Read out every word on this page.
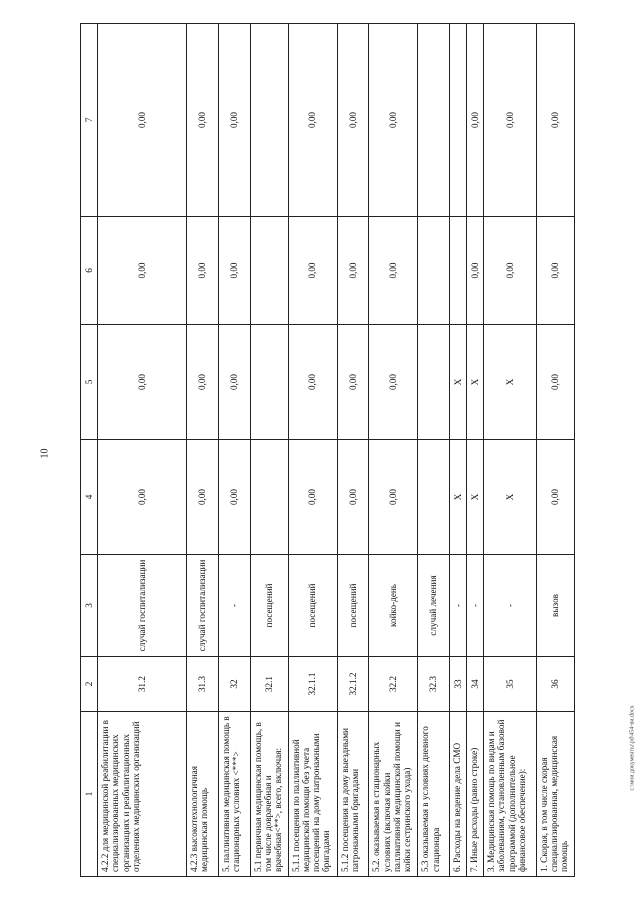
10
c:\мои документы\pd\454-ви.docx
1	2	3	4	5	6	7
4.2.2 для медицинской реабилитации в специализированных медицинских организациях и реабилитационных отделениях медицинских организаций	31.2	случай госпитализации	0,00	0,00	0,00	0,00
4.2.3 высокотехнологичная медицинская помощь	31.3	случай госпитализации	0,00	0,00	0,00	0,00
5. паллиативная медицинская помощь в стационарных условиях <***>	32	-	0,00	0,00	0,00	0,00
5.1 первичная медицинская помощь, в том числе доврачебная и врачебная<**>, всего, включая:	32.1	посещений				
5.1.1 посещения по паллиативной медицинской помощи без учета посещений на дому патронажными бригадами	32.1.1	посещений	0,00	0,00	0,00	0,00
5.1.2 посещения на дому выездными патронажными бригадами	32.1.2	посещений	0,00	0,00	0,00	0,00
5.2. оказываемая в стационарных условиях (включая койки паллиативной медицинской помощи и койки сестринского ухода)	32.2	койко-день	0,00	0,00	0,00	0,00
5.3 оказываемая в условиях дневного стационара	32.3	случай лечения				
6. Расходы на ведение дела СМО	33	-	Х	Х		
7. Иные расходы (равно строке)	34	-	Х	Х	0,00	0,00
3. Медицинская помощь по видам и заболеваниям, установленным базовой программой (дополнительное финансовое обеспечение):	35	-	Х	Х	0,00	0,00
1. Скорая, в том числе скорая специализированная, медицинская помощь	36	вызов	0,00	0,00	0,00	0,00
